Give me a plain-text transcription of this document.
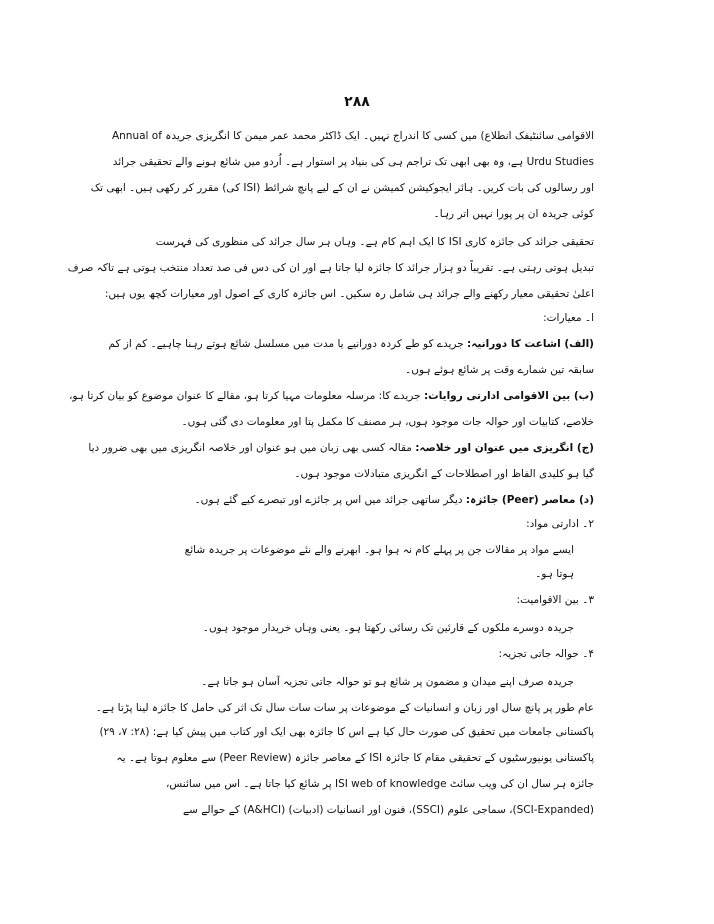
۲۸۸
الاقوامی سائنٹیفک انطلاع) میں کسی کا اندراج نہیں۔ ایک ڈاکٹر محمد عمر میمن کا انگریزی جریدہ Annual of
Urdu Studies ہے، وہ بھی ابھی تک تراجم ہی کی بنیاد پر استوار ہے۔ اُردو میں شائع ہونے والے تحقیقی جرائد
اور رسالوں کی بات کریں۔ ہائر ایجوکیشن کمیشن نے ان کے لیے پانچ شرائط (ISI کی) مقرر کر رکھی ہیں۔ ابھی تک
کوئی جریدہ ان پر پورا نہیں اتر رہا۔
تحقیقی جرائد کی جائزہ کاری ISI کا ایک اہم کام ہے۔ وہاں ہر سال جرائد کی منظوری کی فہرست
تبدیل ہوتی رہتی ہے۔ تقریباً دو ہزار جرائد کا جائزہ لیا جاتا ہے اور ان کی دس فی صد تعداد منتخب ہوتی ہے تاکہ صرف
اعلیٰ تحقیقی معیار رکھنے والے جرائد ہی شامل رہ سکیں۔ اس جائزہ کاری کے اصول اور معیارات کچھ یوں ہیں:
ا۔ معیارات:
(الف) اشاعت کا دورانیہ: جریدے کو طے کردہ دورانیے یا مدت میں مسلسل شائع ہوتے رہنا چاہیے۔ کم از کم
سابقہ تین شمارے وقت پر شائع ہوئے ہوں۔
(ب) بین الاقوامی ادارتی روایات: جریدے کا: مرسلہ معلومات مہیا کرتا ہو، مقالے کا عنوان موضوع کو بیان کرتا ہو،
خلاصے، کتابیات اور حوالہ جات موجود ہوں، ہر مصنف کا مکمل پتا اور معلومات دی گئی ہوں۔
(ج) انگریزی میں عنوان اور خلاصہ: مقالہ کسی بھی زبان میں ہو عنوان اور خلاصہ انگریزی میں بھی ضرور دیا
گیا ہو کلیدی الفاظ اور اصطلاحات کے انگریزی متبادلات موجود ہوں۔
(د) معاصر (Peer) جائزہ: دیگر ساتھی جرائد میں اس پر جائزے اور تبصرے کیے گئے ہوں۔
۲۔ ادارتی مواد:
ایسے مواد پر مقالات جن پر پہلے کام نہ ہوا ہو۔ ابھرنے والے نئے موضوعات پر جریدہ شائع
ہوتا ہو۔
۳۔ بین الاقوامیت:
جریدہ دوسرے ملکوں کے قارئین تک رسائی رکھتا ہو۔ یعنی وہاں خریدار موجود ہوں۔
۴۔ حوالہ جاتی تجزیہ:
جریدہ صرف اپنے میدان و مضمون پر شائع ہو تو حوالہ جاتی تجزیہ آسان ہو جاتا ہے۔
عام طور پر پانچ سال اور زبان و انسانیات کے موضوعات پر سات سات سال تک اثر کی حامل کا جائزہ لینا پڑتا ہے۔
پاکستانی جامعات میں تحقیق کی صورت حال کیا ہے اس کا جائزہ بھی ایک اور کتاب میں پیش کیا ہے: (۲۸: ۷، ۲۹)
پاکستانی یونیورسٹیوں کے تحقیقی مقام کا جائزہ ISI کے معاصر جائزہ (Peer Review) سے معلوم ہوتا ہے۔ یہ
جائزہ ہر سال ان کی ویب سائٹ ISI web of knowledge پر شائع کیا جاتا ہے۔ اس میں سائنس،
(SCI-Expanded)، سماجی علوم (SSCI)، فنون اور انسانیات (ادبیات) (A&HCI) کے حوالے سے
